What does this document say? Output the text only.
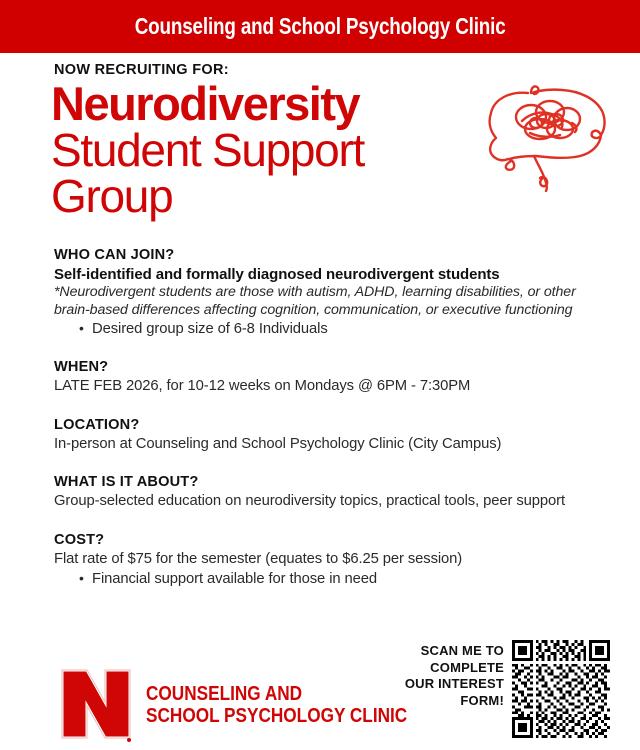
Counseling and School Psychology Clinic
NOW RECRUITING FOR:
Neurodiversity
Student Support
Group

WHO CAN JOIN?

Self-identified and formally diagnosed neurodivergent students

*Neurodivergent students are those with autism, ADHD, learning disabilities, or other brain-based differences affecting cognition, communication, or executive functioning

• Desired group size of 6-8 Individuals

WHEN?

LATE FEB 2026, for 10-12 weeks on Mondays @ 6PM - 7:30PM

LOCATION?

In-person at Counseling and School Psychology Clinic (City Campus)

WHAT IS IT ABOUT?

Group-selected education on neurodiversity topics, practical tools, peer support

COST?

Flat rate of $75 for the semester (equates to $6.25 per session)

• Financial support available for those in need
COUNSELING AND
SCHOOL PSYCHOLOGY CLINIC
SCAN ME TO
COMPLETE
OUR INTEREST
FORM!
